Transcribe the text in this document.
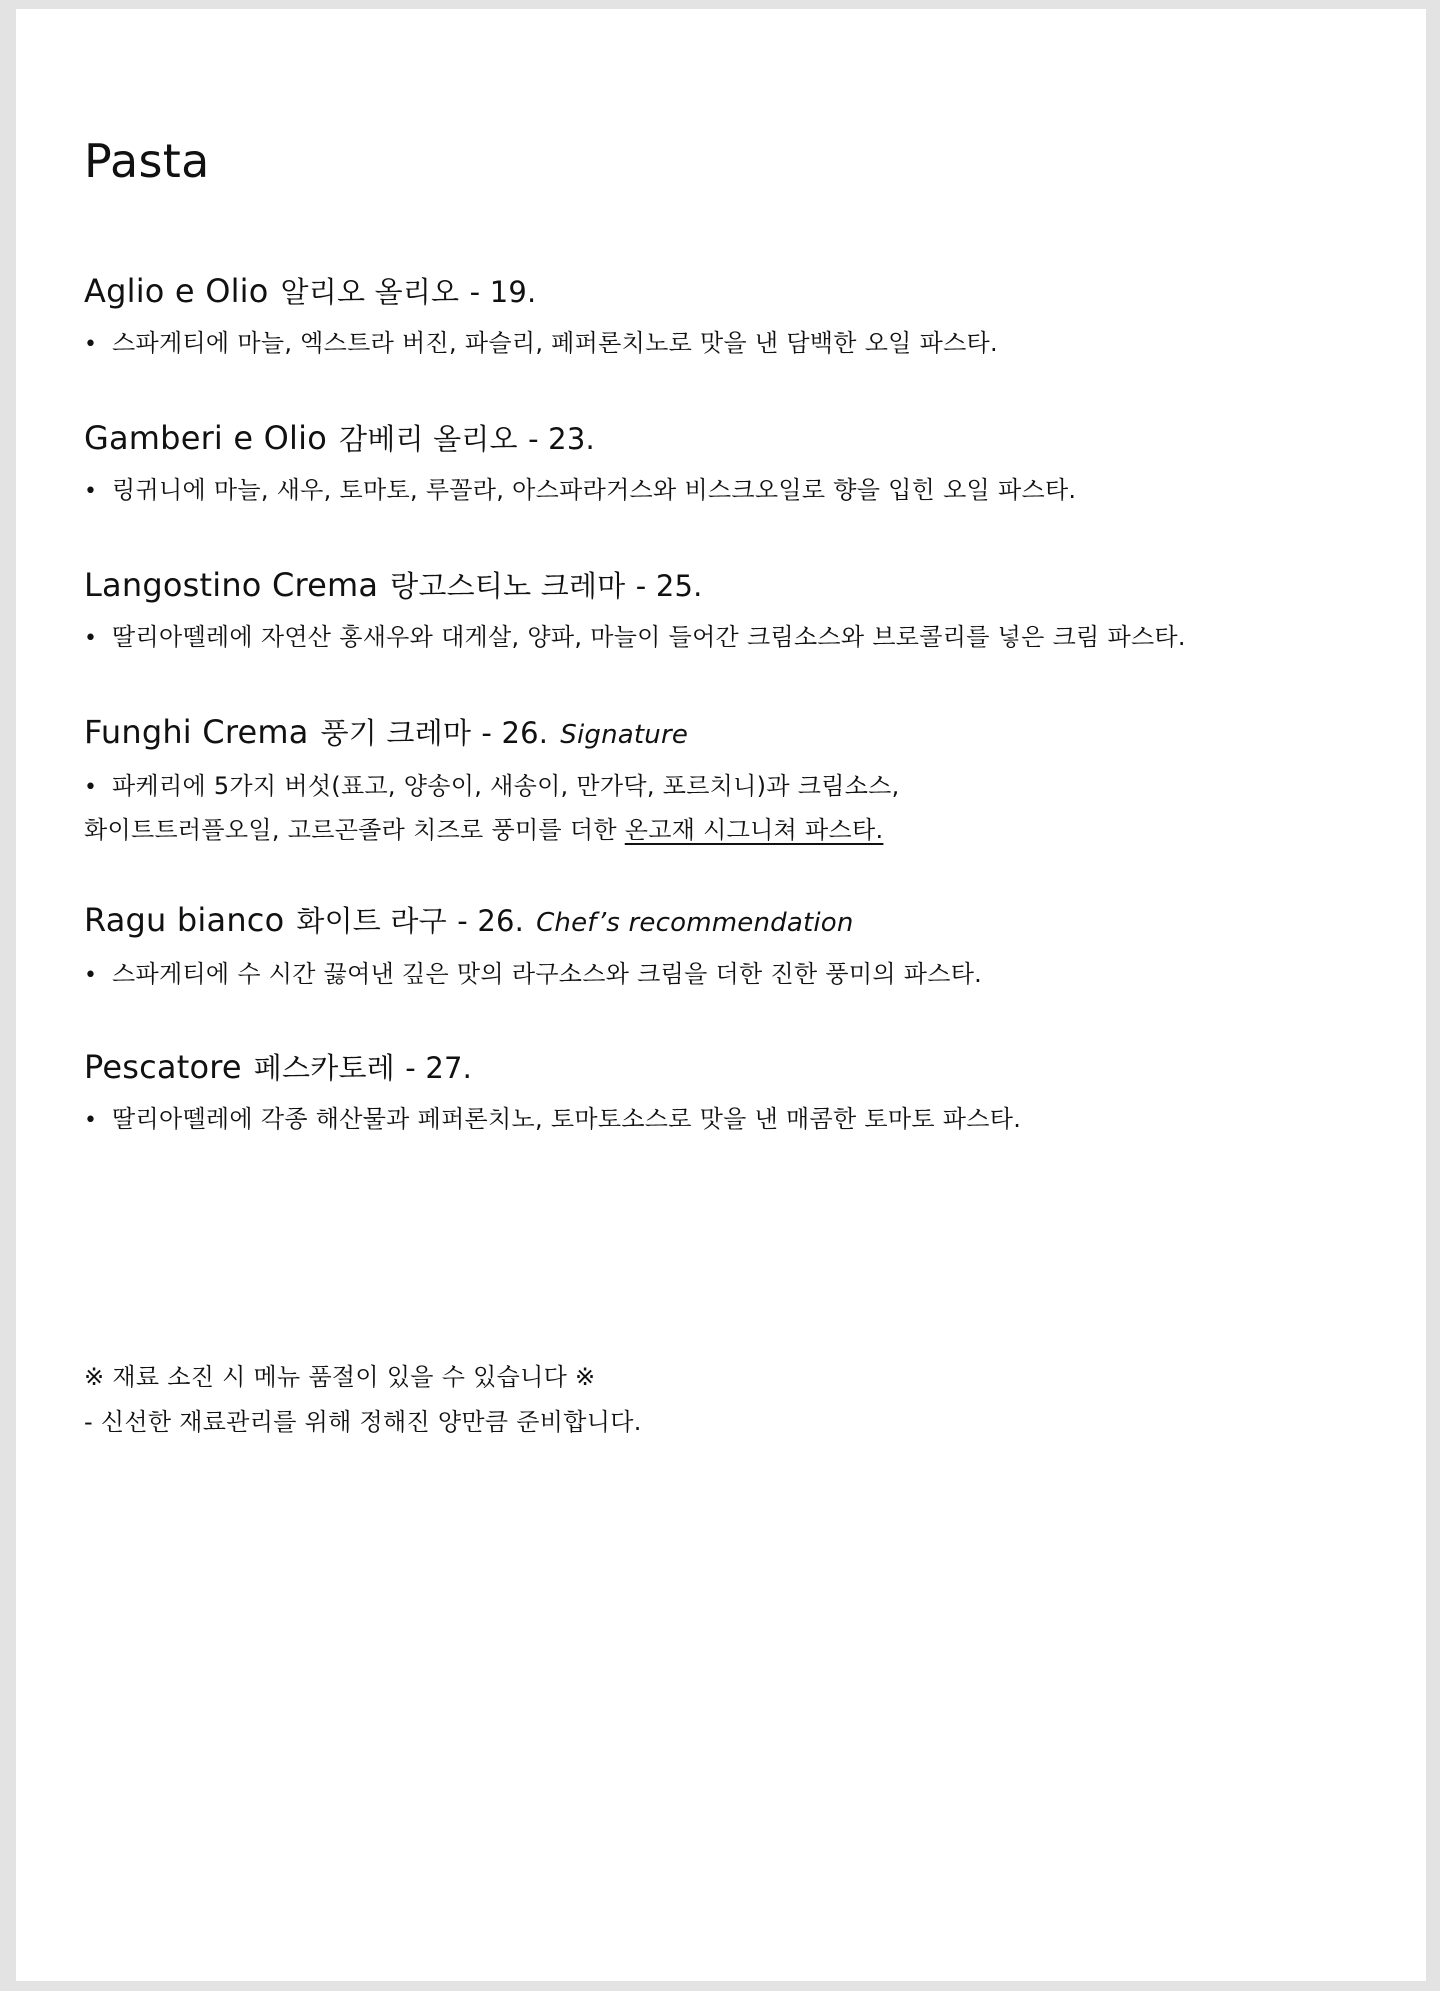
Pasta
Aglio e Olio 알리오 올리오 - 19.
• 스파게티에 마늘, 엑스트라 버진, 파슬리, 페퍼론치노로 맛을 낸 담백한 오일 파스타.
Gamberi e Olio 감베리 올리오 - 23.
• 링귀니에 마늘, 새우, 토마토, 루꼴라, 아스파라거스와 비스크오일로 향을 입힌 오일 파스타.
Langostino Crema 랑고스티노 크레마 - 25.
• 딸리아뗄레에 자연산 홍새우와 대게살, 양파, 마늘이 들어간 크림소스와 브로콜리를 넣은 크림 파스타.
Funghi Crema 풍기 크레마 - 26. Signature
• 파케리에 5가지 버섯(표고, 양송이, 새송이, 만가닥, 포르치니)과 크림소스,
화이트트러플오일, 고르곤졸라 치즈로 풍미를 더한 온고재 시그니쳐 파스타.
Ragu bianco 화이트 라구 - 26. Chef’s recommendation
• 스파게티에 수 시간 끓여낸 깊은 맛의 라구소스와 크림을 더한 진한 풍미의 파스타.
Pescatore 페스카토레 - 27.
• 딸리아뗄레에 각종 해산물과 페퍼론치노, 토마토소스로 맛을 낸 매콤한 토마토 파스타.
※ 재료 소진 시 메뉴 품절이 있을 수 있습니다 ※
- 신선한 재료관리를 위해 정해진 양만큼 준비합니다.
